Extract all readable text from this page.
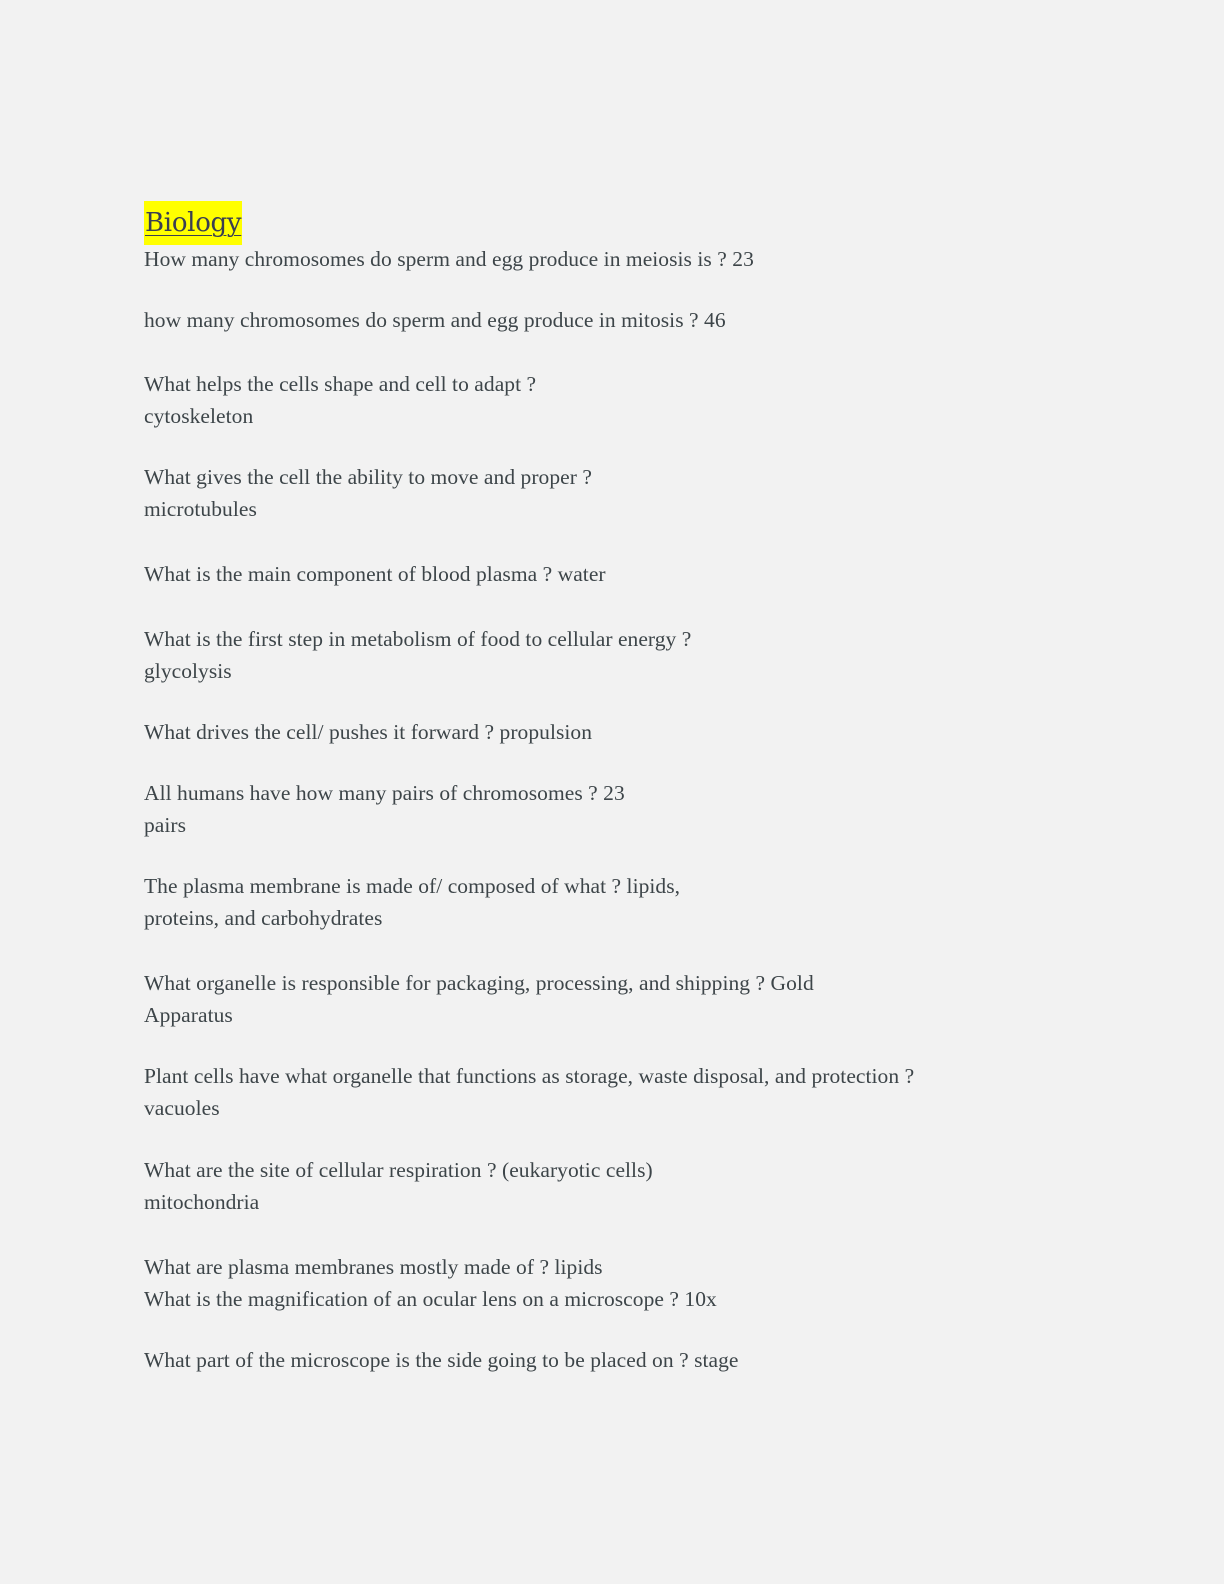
Biology
How many chromosomes do sperm and egg produce in meiosis is ? 23
how many chromosomes do sperm and egg produce in mitosis ? 46
What helps the cells shape and cell to adapt ?
cytoskeleton
What gives the cell the ability to move and proper ?
microtubules
What is the main component of blood plasma ? water
What is the first step in metabolism of food to cellular energy ?
glycolysis
What drives the cell/ pushes it forward ? propulsion
All humans have how many pairs of chromosomes ? 23
pairs
The plasma membrane is made of/ composed of what ? lipids,
proteins, and carbohydrates
What organelle is responsible for packaging, processing, and shipping ? Gold
Apparatus
Plant cells have what organelle that functions as storage, waste disposal, and protection ?
vacuoles
What are the site of cellular respiration ? (eukaryotic cells)
mitochondria
What are plasma membranes mostly made of ? lipids
What is the magnification of an ocular lens on a microscope ? 10x
What part of the microscope is the side going to be placed on ? stage
